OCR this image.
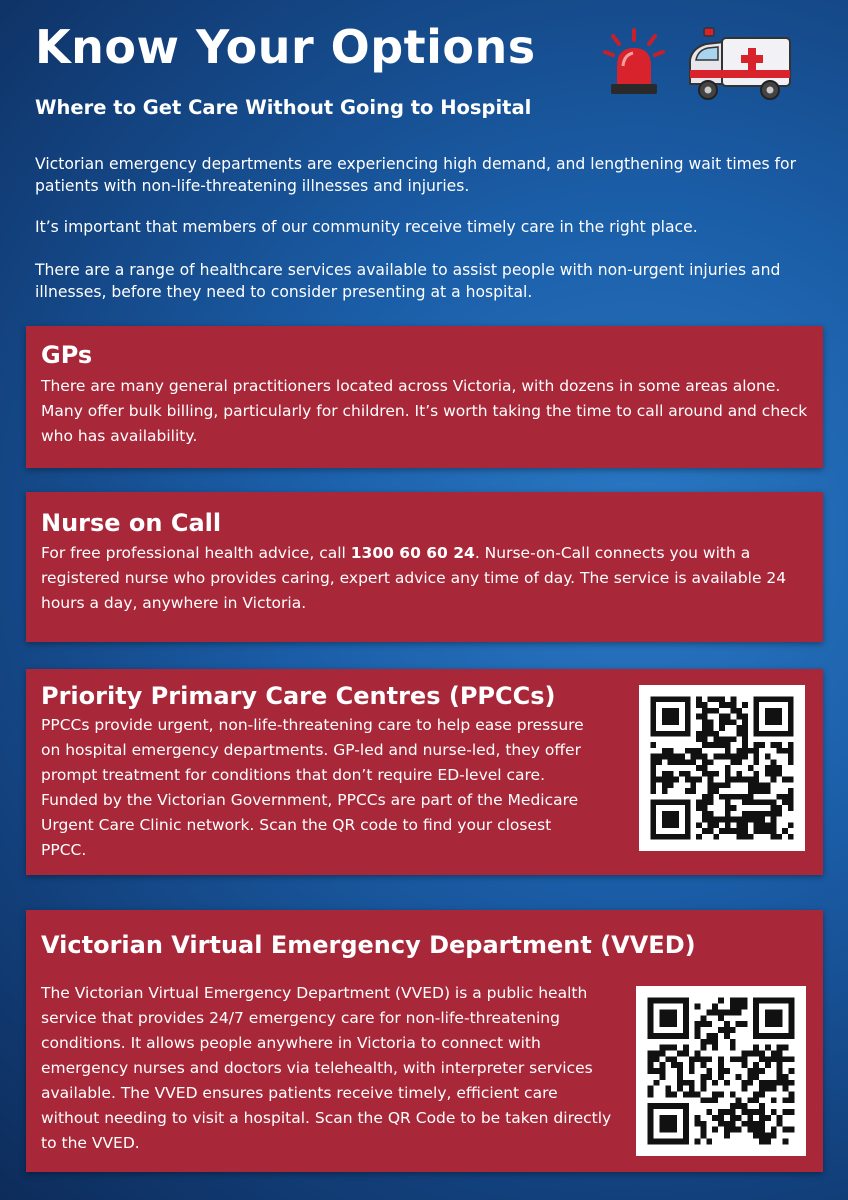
Know Your Options
Where to Get Care Without Going to Hospital
Victorian emergency departments are experiencing high demand, and lengthening wait times for patients with non-life-threatening illnesses and injuries.
It’s important that members of our community receive timely care in the right place.
There are a range of healthcare services available to assist people with non-urgent injuries and illnesses, before they need to consider presenting at a hospital.
GPs

There are many general practitioners located across Victoria, with dozens in some areas alone. Many offer bulk billing, particularly for children. It’s worth taking the time to call around and check who has availability.

Nurse on Call

For free professional health advice, call 1300 60 60 24. Nurse-on-Call connects you with a registered nurse who provides caring, expert advice any time of day. The service is available 24 hours a day, anywhere in Victoria.

Priority Primary Care Centres (PPCCs)

PPCCs provide urgent, non-life-threatening care to help ease pressure on hospital emergency departments. GP-led and nurse-led, they offer prompt treatment for conditions that don’t require ED-level care. Funded by the Victorian Government, PPCCs are part of the Medicare Urgent Care Clinic network. Scan the QR code to find your closest PPCC.

Victorian Virtual Emergency Department (VVED)

The Victorian Virtual Emergency Department (VVED) is a public health service that provides 24/7 emergency care for non-life-threatening conditions. It allows people anywhere in Victoria to connect with emergency nurses and doctors via telehealth, with interpreter services available. The VVED ensures patients receive timely, efficient care without needing to visit a hospital. Scan the QR Code to be taken directly to the VVED.
